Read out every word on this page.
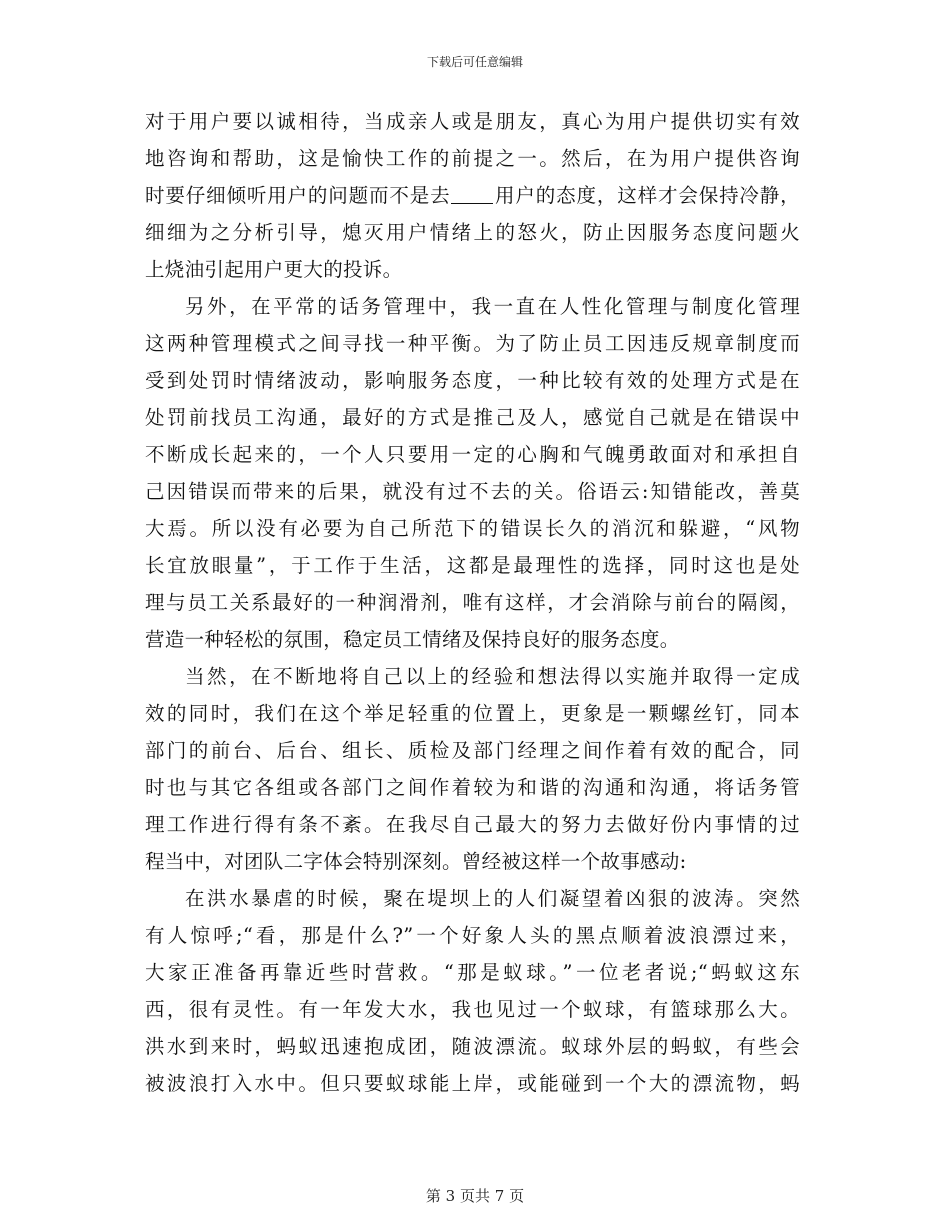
下载后可任意编辑
对于用户要以诚相待，当成亲人或是朋友，真心为用户提供切实有效
地咨询和帮助，这是愉快工作的前提之一。然后，在为用户提供咨询
时要仔细倾听用户的问题而不是去 用户的态度，这样才会保持冷静，
细细为之分析引导，熄灭用户情绪上的怒火，防止因服务态度问题火
上烧油引起用户更大的投诉。
另外，在平常的话务管理中，我一直在人性化管理与制度化管理
这两种管理模式之间寻找一种平衡。为了防止员工因违反规章制度而
受到处罚时情绪波动，影响服务态度，一种比较有效的处理方式是在
处罚前找员工沟通，最好的方式是推己及人，感觉自己就是在错误中
不断成长起来的，一个人只要用一定的心胸和气魄勇敢面对和承担自
己因错误而带来的后果，就没有过不去的关。俗语云:知错能改，善莫
大焉。所以没有必要为自己所范下的错误长久的消沉和躲避，“风物
长宜放眼量”，于工作于生活，这都是最理性的选择，同时这也是处
理与员工关系最好的一种润滑剂，唯有这样，才会消除与前台的隔阂，
营造一种轻松的氛围，稳定员工情绪及保持良好的服务态度。
当然，在不断地将自己以上的经验和想法得以实施并取得一定成
效的同时，我们在这个举足轻重的位置上，更象是一颗螺丝钉，同本
部门的前台、后台、组长、质检及部门经理之间作着有效的配合，同
时也与其它各组或各部门之间作着较为和谐的沟通和沟通，将话务管
理工作进行得有条不紊。在我尽自己最大的努力去做好份内事情的过
程当中，对团队二字体会特别深刻。曾经被这样一个故事感动:
在洪水暴虐的时候，聚在堤坝上的人们凝望着凶狠的波涛。突然
有人惊呼;“看，那是什么?”一个好象人头的黑点顺着波浪漂过来，
大家正准备再靠近些时营救。“那是蚁球。”一位老者说;“蚂蚁这东
西，很有灵性。有一年发大水，我也见过一个蚁球，有篮球那么大。
洪水到来时，蚂蚁迅速抱成团，随波漂流。蚁球外层的蚂蚁，有些会
被波浪打入水中。但只要蚁球能上岸，或能碰到一个大的漂流物，蚂
第 3 页共 7 页
